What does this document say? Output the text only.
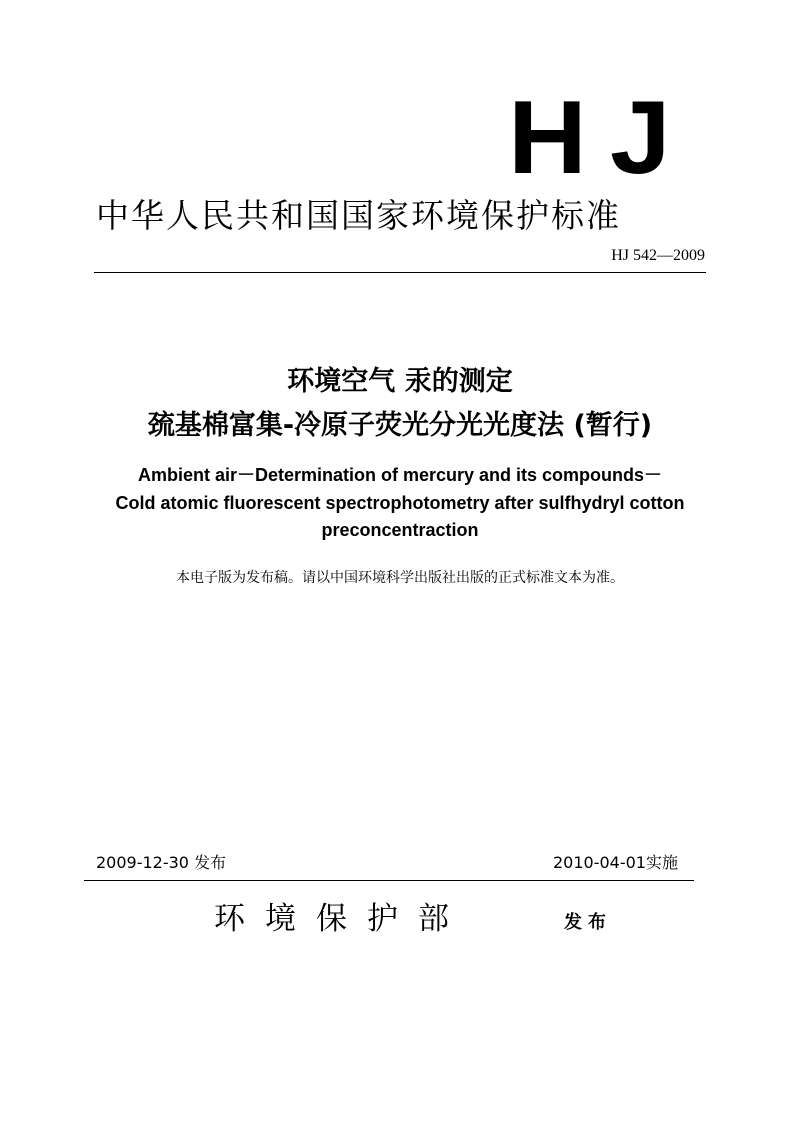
HJ
中华人民共和国国家环境保护标准
HJ 542—2009
环境空气 汞的测定
巯基棉富集-冷原子荧光分光光度法 (暂行)
Ambient air－Determination of mercury and its compounds－
Cold atomic fluorescent spectrophotometry after sulfhydryl cotton
preconcentraction
本电子版为发布稿。请以中国环境科学出版社出版的正式标准文本为准。
2009-12-30 发布	2010-04-01实施
环境保护部	发布
